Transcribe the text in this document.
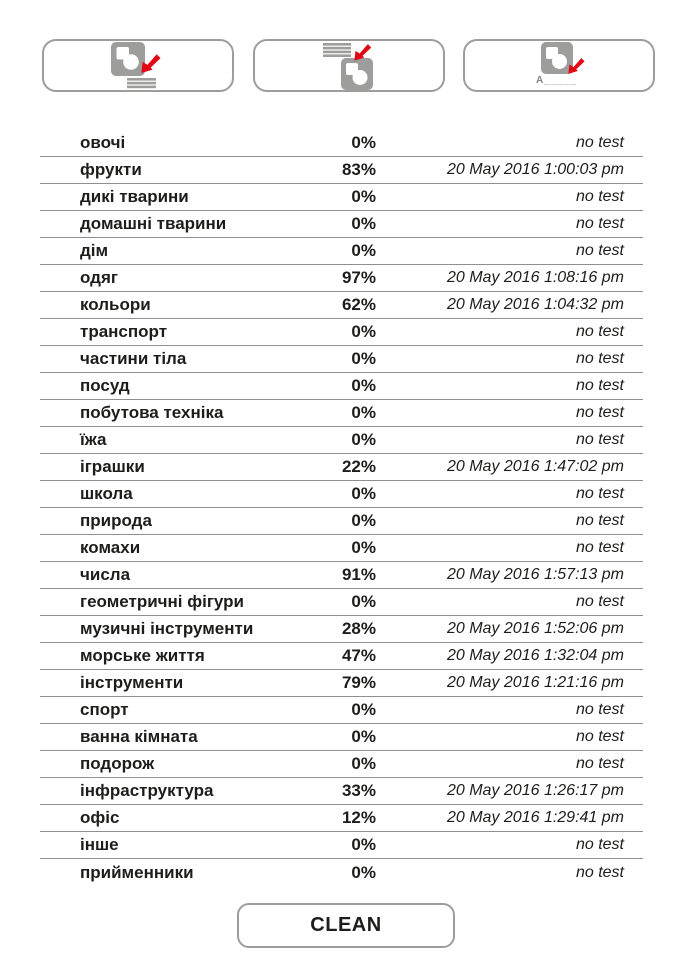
A_____
овочі	0%	no test
фрукти	83%	20 May 2016 1:00:03 pm
дикі тварини	0%	no test
домашні тварини	0%	no test
дім	0%	no test
одяг	97%	20 May 2016 1:08:16 pm
кольори	62%	20 May 2016 1:04:32 pm
транспорт	0%	no test
частини тіла	0%	no test
посуд	0%	no test
побутова техніка	0%	no test
їжа	0%	no test
іграшки	22%	20 May 2016 1:47:02 pm
школа	0%	no test
природа	0%	no test
комахи	0%	no test
числа	91%	20 May 2016 1:57:13 pm
геометричні фігури	0%	no test
музичні інструменти	28%	20 May 2016 1:52:06 pm
морське життя	47%	20 May 2016 1:32:04 pm
інструменти	79%	20 May 2016 1:21:16 pm
спорт	0%	no test
ванна кімната	0%	no test
подорож	0%	no test
інфраструктура	33%	20 May 2016 1:26:17 pm
офіс	12%	20 May 2016 1:29:41 pm
інше	0%	no test
прийменники	0%	no test
CLEAN
